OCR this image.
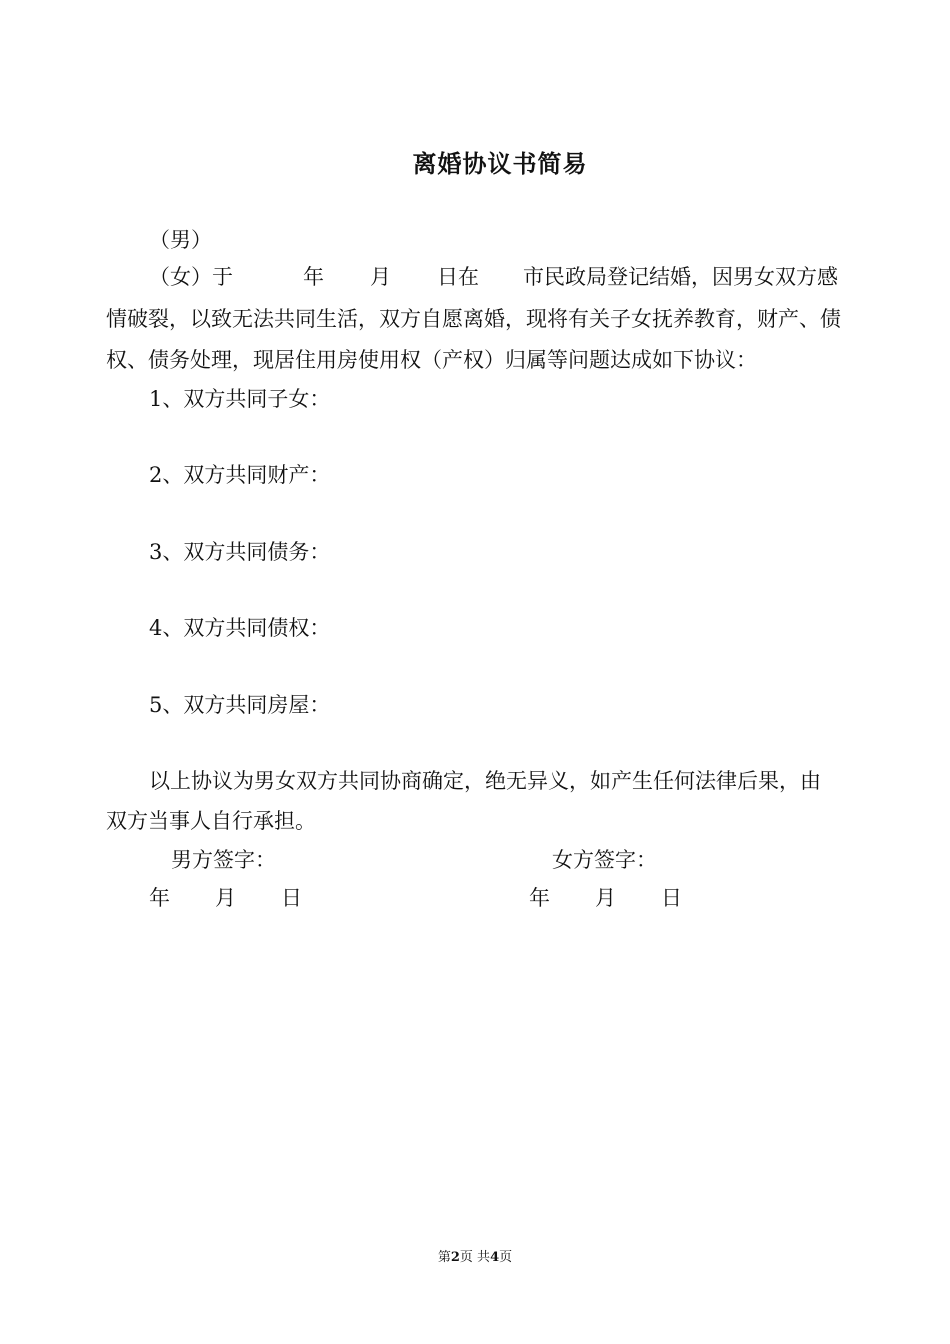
离婚协议书简易
（男）
（女）于	年 月 日在 市民政局登记结婚，因男女双方感
情破裂，以致无法共同生活，双方自愿离婚，现将有关子女抚养教育，财产、债
权、债务处理，现居住用房使用权（产权）归属等问题达成如下协议：
1、双方共同子女：
2、双方共同财产：
3、双方共同债务：
4、双方共同债权：
5、双方共同房屋：
以上协议为男女双方共同协商确定，绝无异义，如产生任何法律后果，由
双方当事人自行承担。
男方签字：	女方签字：
年 月 日	年 月 日
第2页 共4页
